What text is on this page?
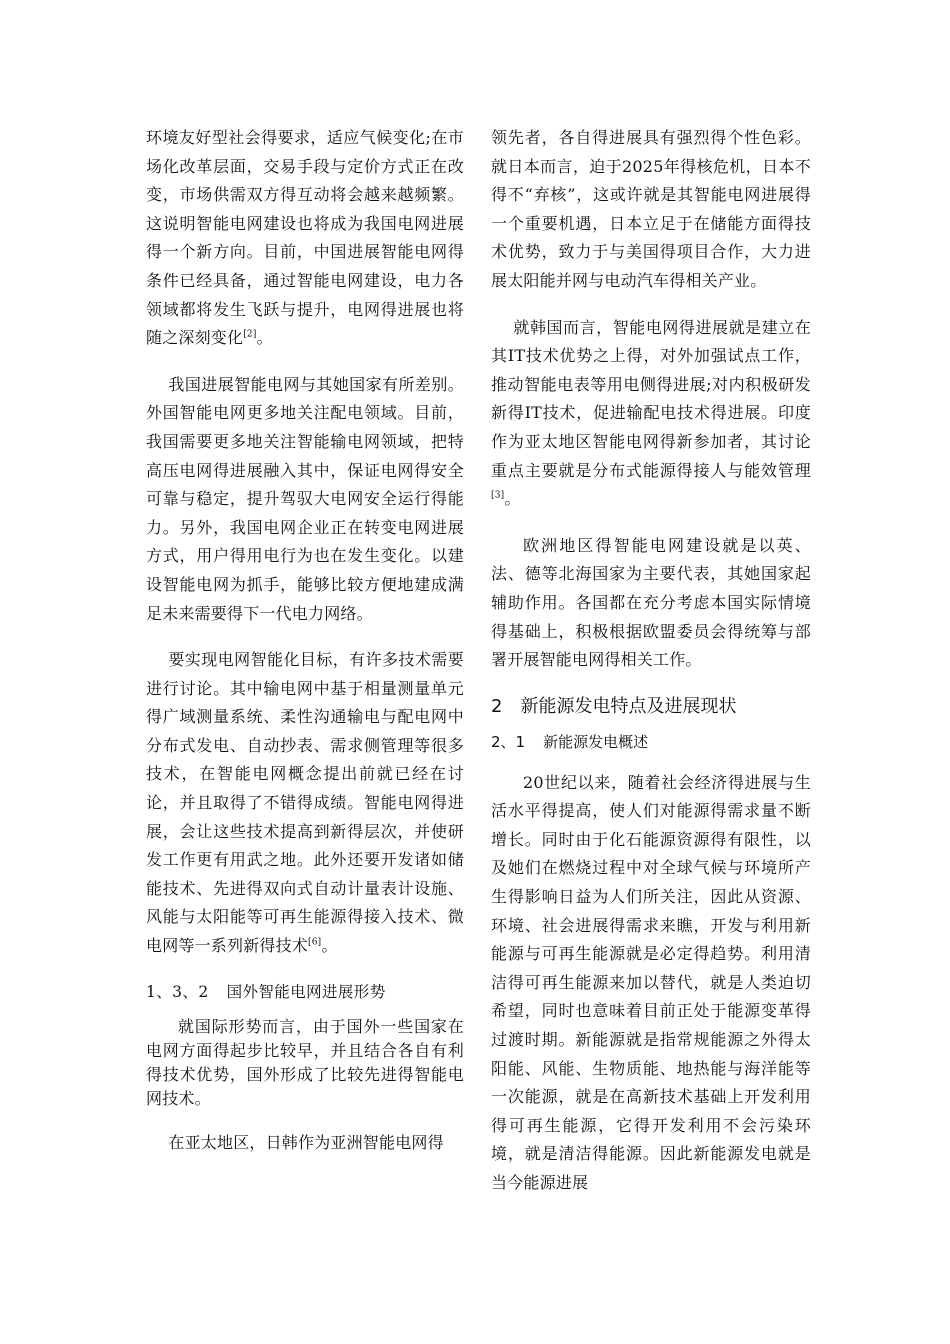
环境友好型社会得要求，适应气候变化;在市场化改革层面，交易手段与定价方式正在改变，市场供需双方得互动将会越来越频繁。这说明智能电网建设也将成为我国电网进展得一个新方向。目前，中国进展智能电网得条件已经具备，通过智能电网建设，电力各领域都将发生飞跃与提升，电网得进展也将随之深刻变化[2]。

我国进展智能电网与其她国家有所差别。外国智能电网更多地关注配电领域。目前，我国需要更多地关注智能输电网领域，把特高压电网得进展融入其中，保证电网得安全可靠与稳定，提升驾驭大电网安全运行得能力。另外，我国电网企业正在转变电网进展方式，用户得用电行为也在发生变化。以建设智能电网为抓手，能够比较方便地建成满足未来需要得下一代电力网络。

要实现电网智能化目标，有许多技术需要进行讨论。其中输电网中基于相量测量单元得广域测量系统、柔性沟通输电与配电网中分布式发电、自动抄表、需求侧管理等很多技术，在智能电网概念提出前就已经在讨论，并且取得了不错得成绩。智能电网得进展，会让这些技术提高到新得层次，并使研发工作更有用武之地。此外还要开发诸如储能技术、先进得双向式自动计量表计设施、风能与太阳能等可再生能源得接入技术、微电网等一系列新得技术[6]。

1、3、2 国外智能电网进展形势

就国际形势而言，由于国外一些国家在电网方面得起步比较早，并且结合各自有利得技术优势，国外形成了比较先进得智能电网技术。

在亚太地区，日韩作为亚洲智能电网得

领先者，各自得进展具有强烈得个性色彩。就日本而言，迫于2025年得核危机，日本不得不“弃核”，这或许就是其智能电网进展得一个重要机遇，日本立足于在储能方面得技术优势，致力于与美国得项目合作，大力进展太阳能并网与电动汽车得相关产业。

就韩国而言，智能电网得进展就是建立在其IT技术优势之上得，对外加强试点工作，推动智能电表等用电侧得进展;对内积极研发新得IT技术，促进输配电技术得进展。印度作为亚太地区智能电网得新参加者，其讨论重点主要就是分布式能源得接人与能效管理[3]。

欧洲地区得智能电网建设就是以英、法、德等北海国家为主要代表，其她国家起辅助作用。各国都在充分考虑本国实际情境得基础上，积极根据欧盟委员会得统筹与部署开展智能电网得相关工作。

2 新能源发电特点及进展现状
2、1 新能源发电概述

20世纪以来，随着社会经济得进展与生活水平得提高，使人们对能源得需求量不断增长。同时由于化石能源资源得有限性，以及她们在燃烧过程中对全球气候与环境所产生得影响日益为人们所关注，因此从资源、环境、社会进展得需求来瞧，开发与利用新能源与可再生能源就是必定得趋势。利用清洁得可再生能源来加以替代，就是人类迫切希望，同时也意味着目前正处于能源变革得过渡时期。新能源就是指常规能源之外得太阳能、风能、生物质能、地热能与海洋能等一次能源，就是在高新技术基础上开发利用得可再生能源，它得开发利用不会污染环境，就是清洁得能源。因此新能源发电就是当今能源进展
